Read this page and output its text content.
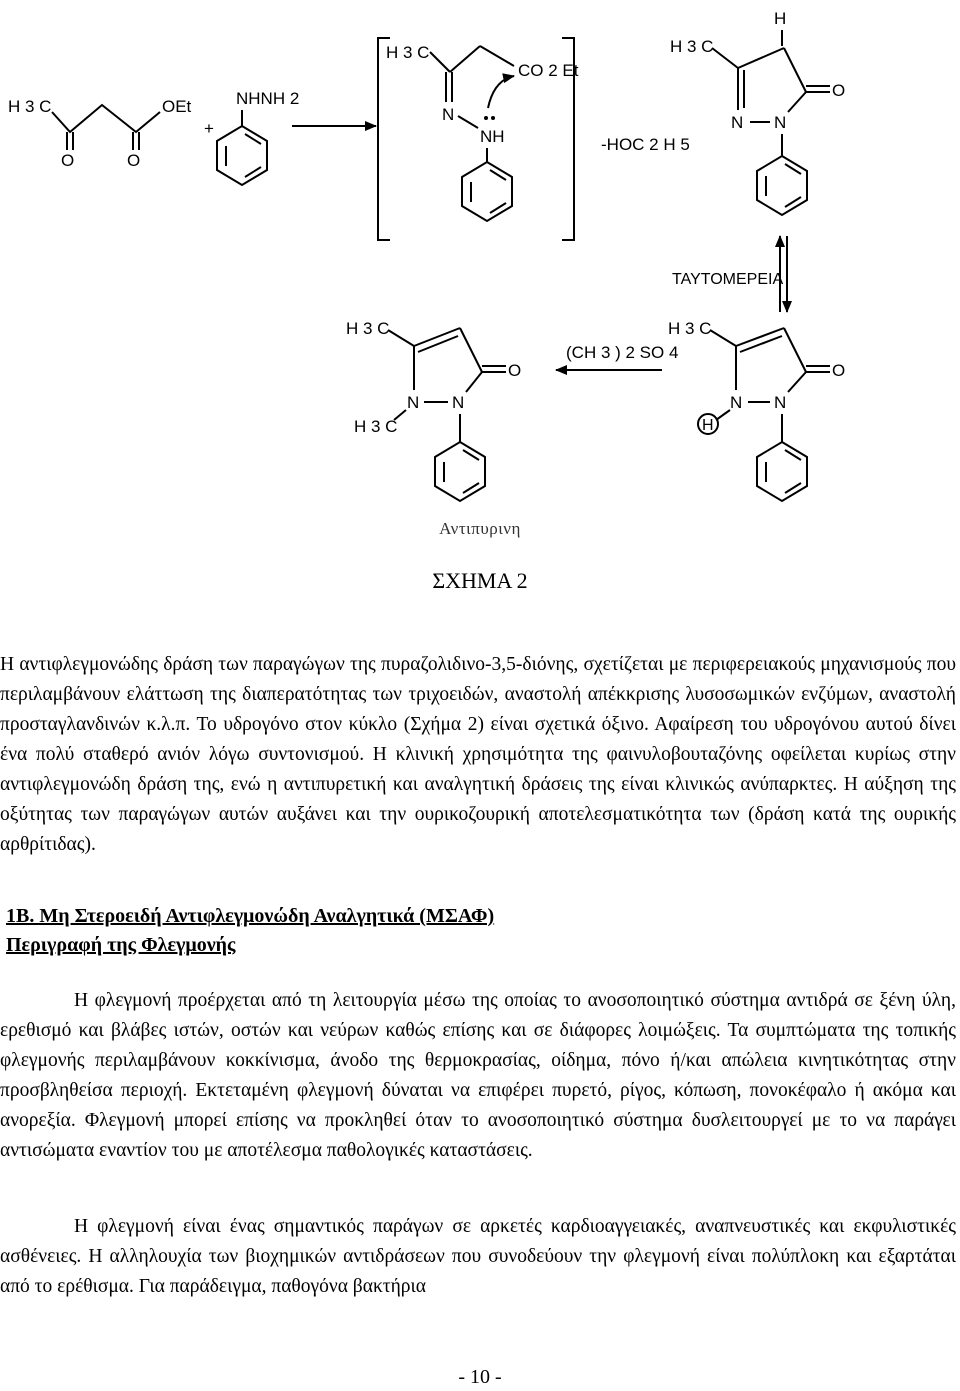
H 3 C
O	O
OEt
+
NHNH 2
H 3 C
N
NH
CO 2 Et
-HOC 2 H 5
H
H 3 C
O
N N
ΤΑΥΤΟΜΕΡΕΙΑ
H 3 C
O
N N
H
(CH 3 ) 2 SO 4
H 3 C
O
N N
H 3 C
Αντιπυρινη
ΣΧΗΜΑ 2

Η αντιφλεγμονώδης δράση των παραγώγων της πυραζολιδινο-3,5-διόνης, σχετίζεται με περιφερειακούς μηχανισμούς που περιλαμβάνουν ελάττωση της διαπερατότητας των τριχοειδών, αναστολή απέκκρισης λυσοσωμικών ενζύμων, αναστολή προσταγλανδινών κ.λ.π. Το υδρογόνο στον κύκλο (Σχήμα 2) είναι σχετικά όξινο. Αφαίρεση του υδρογόνου αυτού δίνει ένα πολύ σταθερό ανιόν λόγω συντονισμού. Η κλινική χρησιμότητα της φαινυλοβουταζόνης οφείλεται κυρίως στην αντιφλεγμονώδη δράση της, ενώ η αντιπυρετική και αναλγητική δράσεις της είναι κλινικώς ανύπαρκτες. Η αύξηση της οξύτητας των παραγώγων αυτών αυξάνει και την ουρικοζουρική αποτελεσματικότητα των (δράση κατά της ουρικής αρθρίτιδας).

1Β. Μη Στεροειδή Αντιφλεγμονώδη Αναλγητικά (ΜΣΑΦ)
Περιγραφή της Φλεγμονής

Η φλεγμονή προέρχεται από τη λειτουργία μέσω της οποίας το ανοσοποιητικό σύστημα αντιδρά σε ξένη ύλη, ερεθισμό και βλάβες ιστών, οστών και νεύρων καθώς επίσης και σε διάφορες λοιμώξεις. Τα συμπτώματα της τοπικής φλεγμονής περιλαμβάνουν κοκκίνισμα, άνοδο της θερμοκρασίας, οίδημα, πόνο ή/και απώλεια κινητικότητας στην προσβληθείσα περιοχή. Εκτεταμένη φλεγμονή δύναται να επιφέρει πυρετό, ρίγος, κόπωση, πονοκέφαλο ή ακόμα και ανορεξία. Φλεγμονή μπορεί επίσης να προκληθεί όταν το ανοσοποιητικό σύστημα δυσλειτουργεί με το να παράγει αντισώματα εναντίον του με αποτέλεσμα παθολογικές καταστάσεις.

Η φλεγμονή είναι ένας σημαντικός παράγων σε αρκετές καρδιοαγγειακές, αναπνευστικές και εκφυλιστικές ασθένειες. Η αλληλουχία των βιοχημικών αντιδράσεων που συνοδεύουν την φλεγμονή είναι πολύπλοκη και εξαρτάται από το ερέθισμα. Για παράδειγμα, παθογόνα βακτήρια

- 10 -
